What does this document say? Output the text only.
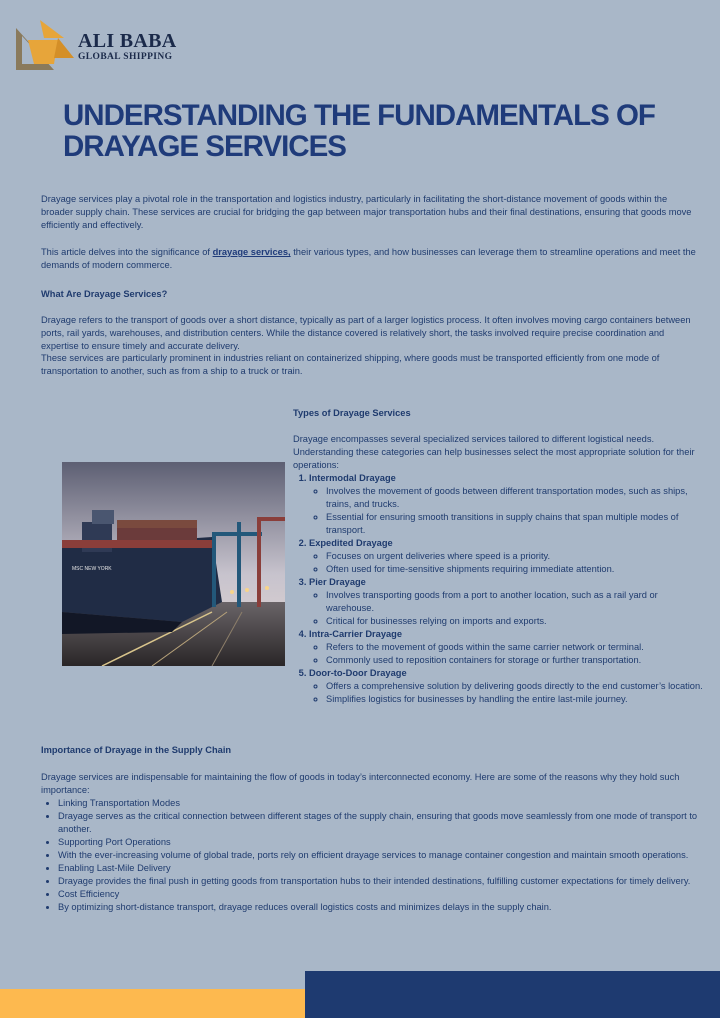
ALI BABA
GLOBAL SHIPPING
UNDERSTANDING THE FUNDAMENTALS OF DRAYAGE SERVICES

Drayage services play a pivotal role in the transportation and logistics industry, particularly in facilitating the short-distance movement of goods within the broader supply chain. These services are crucial for bridging the gap between major transportation hubs and their final destinations, ensuring that goods move efficiently and effectively.

This article delves into the significance of drayage services, their various types, and how businesses can leverage them to streamline operations and meet the demands of modern commerce.

What Are Drayage Services?

Drayage refers to the transport of goods over a short distance, typically as part of a larger logistics process. It often involves moving cargo containers between ports, rail yards, warehouses, and distribution centers. While the distance covered is relatively short, the tasks involved require precise coordination and expertise to ensure timely and accurate delivery.

These services are particularly prominent in industries reliant on containerized shipping, where goods must be transported efficiently from one mode of transportation to another, such as from a ship to a truck or train.

MSC NEW YORK

Types of Drayage Services

Drayage encompasses several specialized services tailored to different logistical needs. Understanding these categories can help businesses select the most appropriate solution for their operations:

1. Intermodal Drayage
◦ Involves the movement of goods between different transportation modes, such as ships, trains, and trucks.
◦ Essential for ensuring smooth transitions in supply chains that span multiple modes of transport.
2. Expedited Drayage
◦ Focuses on urgent deliveries where speed is a priority.
◦ Often used for time-sensitive shipments requiring immediate attention.
3. Pier Drayage
◦ Involves transporting goods from a port to another location, such as a rail yard or warehouse.
◦ Critical for businesses relying on imports and exports.
4. Intra-Carrier Drayage
◦ Refers to the movement of goods within the same carrier network or terminal.
◦ Commonly used to reposition containers for storage or further transportation.
5. Door-to-Door Drayage
◦ Offers a comprehensive solution by delivering goods directly to the end customer’s location.
◦ Simplifies logistics for businesses by handling the entire last-mile journey.

Importance of Drayage in the Supply Chain

Drayage services are indispensable for maintaining the flow of goods in today’s interconnected economy. Here are some of the reasons why they hold such importance:

• Linking Transportation Modes
• Drayage serves as the critical connection between different stages of the supply chain, ensuring that goods move seamlessly from one mode of transport to another.
• Supporting Port Operations
• With the ever-increasing volume of global trade, ports rely on efficient drayage services to manage container congestion and maintain smooth operations.
• Enabling Last-Mile Delivery
• Drayage provides the final push in getting goods from transportation hubs to their intended destinations, fulfilling customer expectations for timely delivery.
• Cost Efficiency
• By optimizing short-distance transport, drayage reduces overall logistics costs and minimizes delays in the supply chain.
